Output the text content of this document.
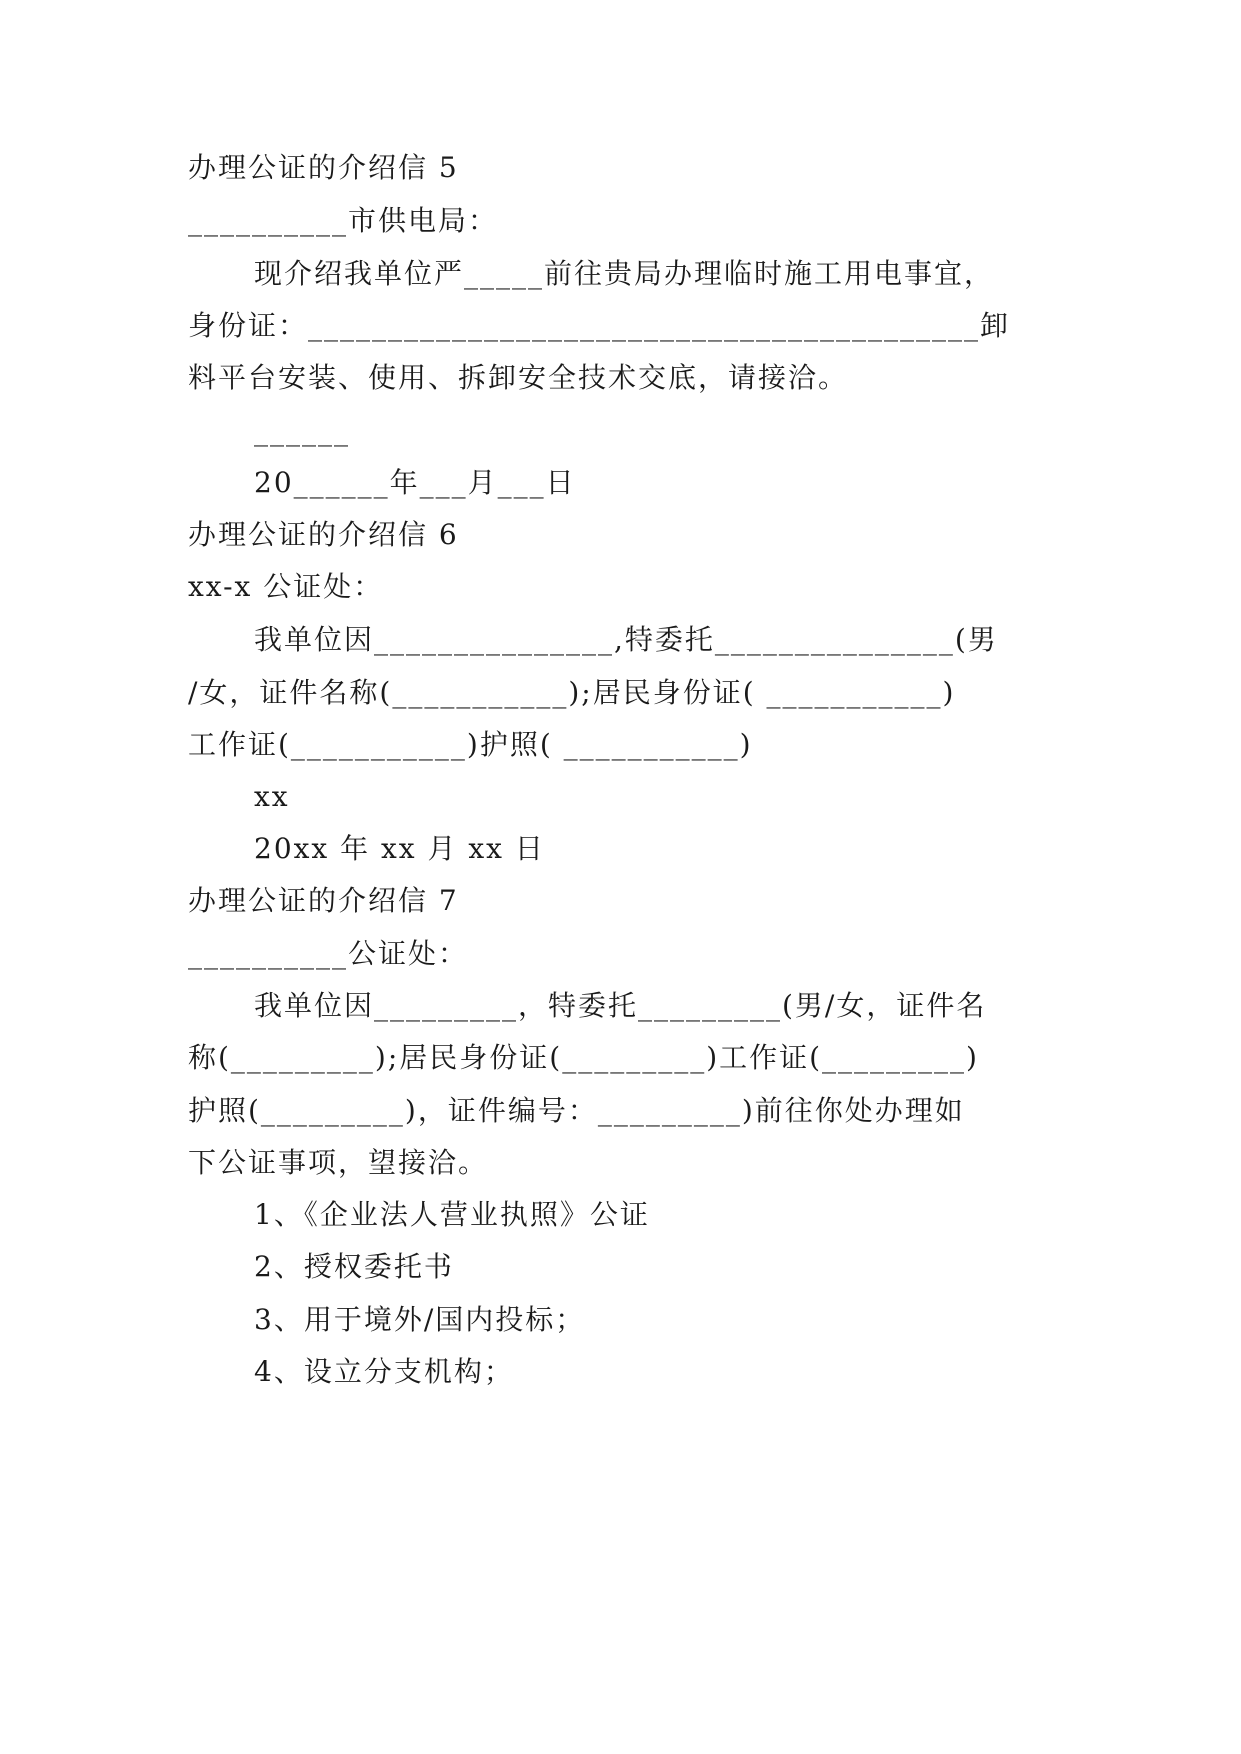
办理公证的介绍信 5
__________市供电局：
现介绍我单位严_____前往贵局办理临时施工用电事宜，
身份证：__________________________________________卸
料平台安装、使用、拆卸安全技术交底，请接洽。
______
20______年___月___日
办理公证的介绍信 6
xx-x 公证处：
我单位因_______________,特委托_______________(男
/女，证件名称(___________);居民身份证( ___________)
工作证(___________)护照( ___________)
xx
20xx 年 xx 月 xx 日
办理公证的介绍信 7
__________公证处：
我单位因_________，特委托_________(男/女，证件名
称(_________);居民身份证(_________)工作证(_________)
护照(_________)，证件编号：_________)前往你处办理如
下公证事项，望接洽。
1、《企业法人营业执照》公证
2、授权委托书
3、用于境外/国内投标；
4、设立分支机构；
